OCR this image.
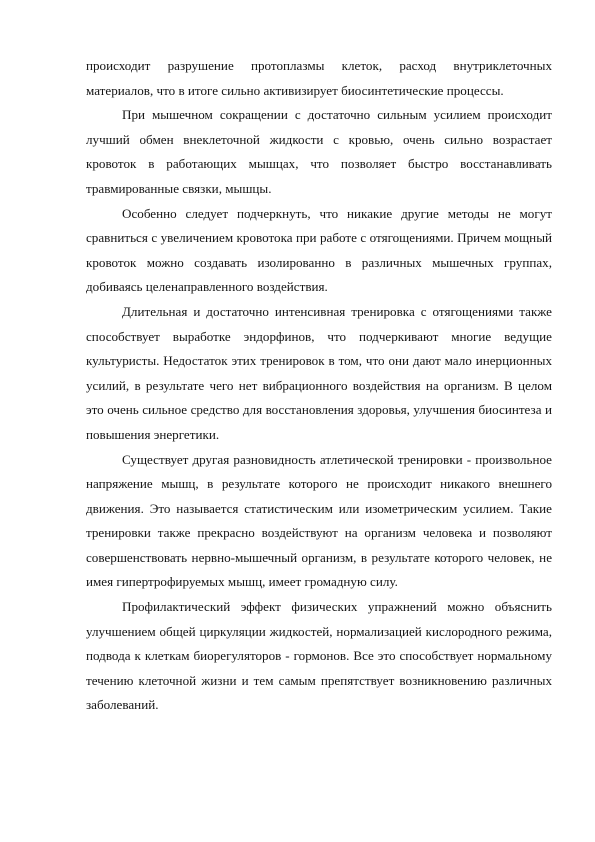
происходит разрушение протоплазмы клеток, расход внутриклеточных материалов, что в итоге сильно активизирует биосинтетические процессы.

При мышечном сокращении с достаточно сильным усилием происходит лучший обмен внеклеточной жидкости с кровью, очень сильно возрастает кровоток в работающих мышцах, что позволяет быстро восстанавливать травмированные связки, мышцы.

Особенно следует подчеркнуть, что никакие другие методы не могут сравниться с увеличением кровотока при работе с отягощениями. Причем мощный кровоток можно создавать изолированно в различных мышечных группах, добиваясь целенаправленного воздействия.

Длительная и достаточно интенсивная тренировка с отягощениями также способствует выработке эндорфинов, что подчеркивают многие ведущие культуристы. Недостаток этих тренировок в том, что они дают мало инерционных усилий, в результате чего нет вибрационного воздействия на организм. В целом это очень сильное средство для восстановления здоровья, улучшения биосинтеза и повышения энергетики.

Существует другая разновидность атлетической тренировки - произвольное напряжение мышц, в результате которого не происходит никакого внешнего движения. Это называется статистическим или изометрическим усилием. Такие тренировки также прекрасно воздействуют на организм человека и позволяют совершенствовать нервно-мышечный организм, в результате которого человек, не имея гипертрофируемых мышц, имеет громадную силу.

Профилактический эффект физических упражнений можно объяснить улучшением общей циркуляции жидкостей, нормализацией кислородного режима, подвода к клеткам биорегуляторов - гормонов. Все это способствует нормальному течению клеточной жизни и тем самым препятствует возникновению различных заболеваний.
